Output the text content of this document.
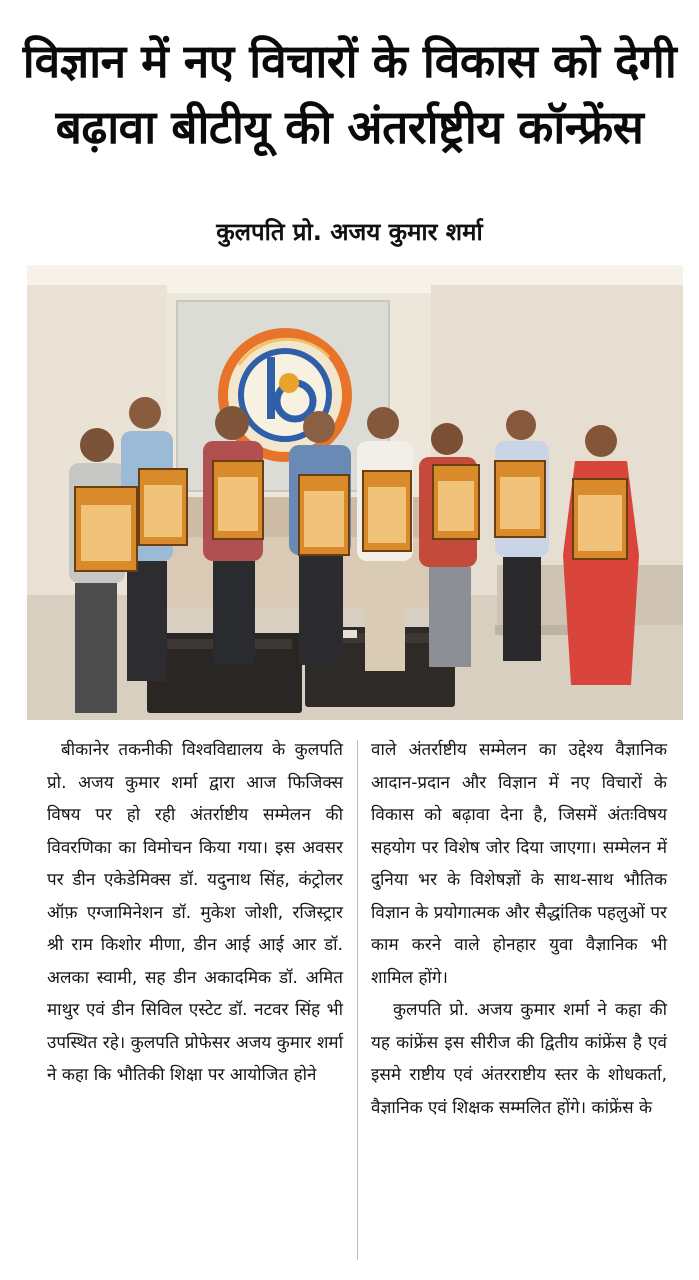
विज्ञान में नए विचारों के विकास को देगी
बढ़ावा बीटीयू की अंतर्राष्ट्रीय कॉन्फ्रेंस
कुलपति प्रो. अजय कुमार शर्मा

बीकानेर तकनीकी विश्वविद्यालय के कुलपति प्रो. अजय कुमार शर्मा द्वारा आज फिजिक्स विषय पर हो रही अंतर्राष्टीय सम्मेलन की विवरणिका का विमोचन किया गया। इस अवसर पर डीन एकेडेमिक्स डॉ. यदुनाथ सिंह, कंट्रोलर ऑफ़ एग्जामिनेशन डॉ. मुकेश जोशी, रजिस्ट्रार श्री राम किशोर मीणा, डीन आई आई आर डॉ. अलका स्वामी, सह डीन अकादमिक डॉ. अमित माथुर एवं डीन सिविल एस्टेट डॉ. नटवर सिंह भी उपस्थित रहे। कुलपति प्रोफेसर अजय कुमार शर्मा ने कहा कि भौतिकी शिक्षा पर आयोजित होने

वाले अंतर्राष्टीय सम्मेलन का उद्देश्य वैज्ञानिक आदान-प्रदान और विज्ञान में नए विचारों के विकास को बढ़ावा देना है, जिसमें अंतःविषय सहयोग पर विशेष जोर दिया जाएगा। सम्मेलन में दुनिया भर के विशेषज्ञों के साथ-साथ भौतिक विज्ञान के प्रयोगात्मक और सैद्धांतिक पहलुओं पर काम करने वाले होनहार युवा वैज्ञानिक भी शामिल होंगे।

कुलपति प्रो. अजय कुमार शर्मा ने कहा की यह कांफ्रेंस इस सीरीज की द्वितीय कांफ्रेंस है एवं इसमे राष्टीय एवं अंतरराष्टीय स्तर के शोधकर्ता, वैज्ञानिक एवं शिक्षक सम्मलित होंगे। कांफ्रेंस के
